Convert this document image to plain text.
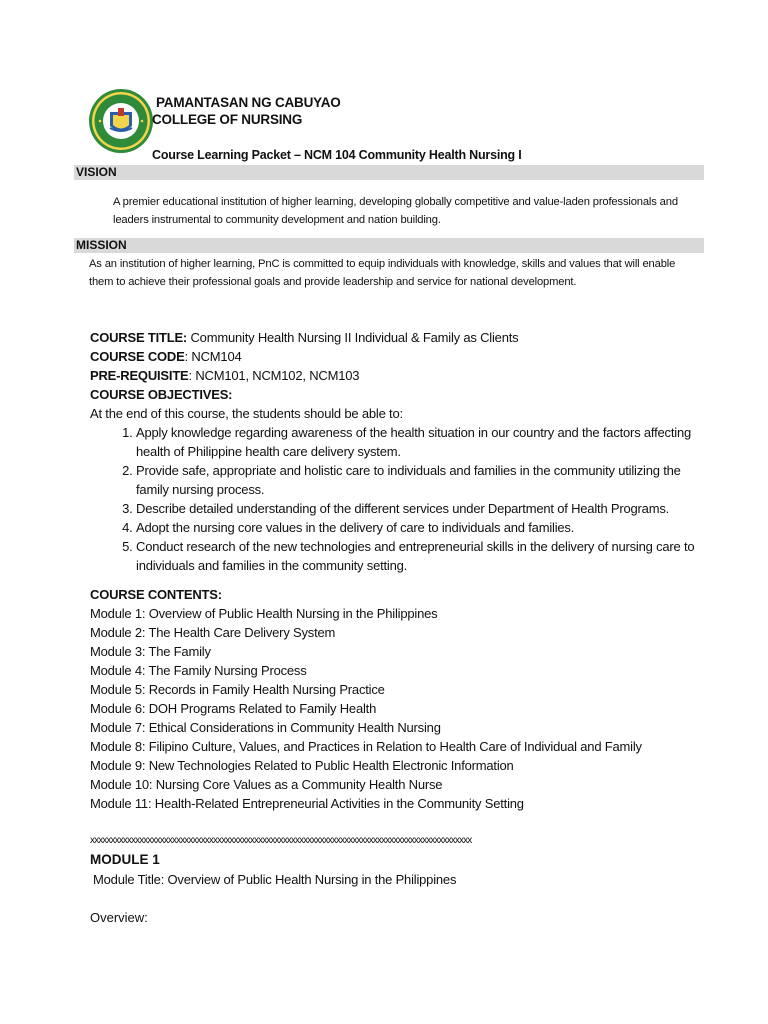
PAMANTASAN NG CABUYAO
COLLEGE OF NURSING
Course Learning Packet – NCM 104 Community Health Nursing I
VISION
A premier educational institution of higher learning, developing globally competitive and value-laden professionals and leaders instrumental to community development and nation building.
MISSION
As an institution of higher learning, PnC is committed to equip individuals with knowledge, skills and values that will enable them to achieve their professional goals and provide leadership and service for national development.
COURSE TITLE: Community Health Nursing II Individual & Family as Clients
COURSE CODE: NCM104
PRE-REQUISITE: NCM101, NCM102, NCM103
COURSE OBJECTIVES:
At the end of this course, the students should be able to:
1. Apply knowledge regarding awareness of the health situation in our country and the factors affecting health of Philippine health care delivery system.
2. Provide safe, appropriate and holistic care to individuals and families in the community utilizing the family nursing process.
3. Describe detailed understanding of the different services under Department of Health Programs.
4. Adopt the nursing core values in the delivery of care to individuals and families.
5. Conduct research of the new technologies and entrepreneurial skills in the delivery of nursing care to individuals and families in the community setting.
COURSE CONTENTS:
Module 1: Overview of Public Health Nursing in the Philippines
Module 2: The Health Care Delivery System
Module 3: The Family
Module 4: The Family Nursing Process
Module 5: Records in Family Health Nursing Practice
Module 6: DOH Programs Related to Family Health
Module 7: Ethical Considerations in Community Health Nursing
Module 8: Filipino Culture, Values, and Practices in Relation to Health Care of Individual and Family
Module 9: New Technologies Related to Public Health Electronic Information
Module 10: Nursing Core Values as a Community Health Nurse
Module 11: Health-Related Entrepreneurial Activities in the Community Setting
xxxxxxxxxxxxxxxxxxxxxxxxxxxxxxxxxxxxxxxxxxxxxxxxxxxxxxxxxxxxxxxxxxxxxxxxxxxxxxxxxxxxxxxxxxxxx
MODULE 1
Module Title: Overview of Public Health Nursing in the Philippines
Overview:
